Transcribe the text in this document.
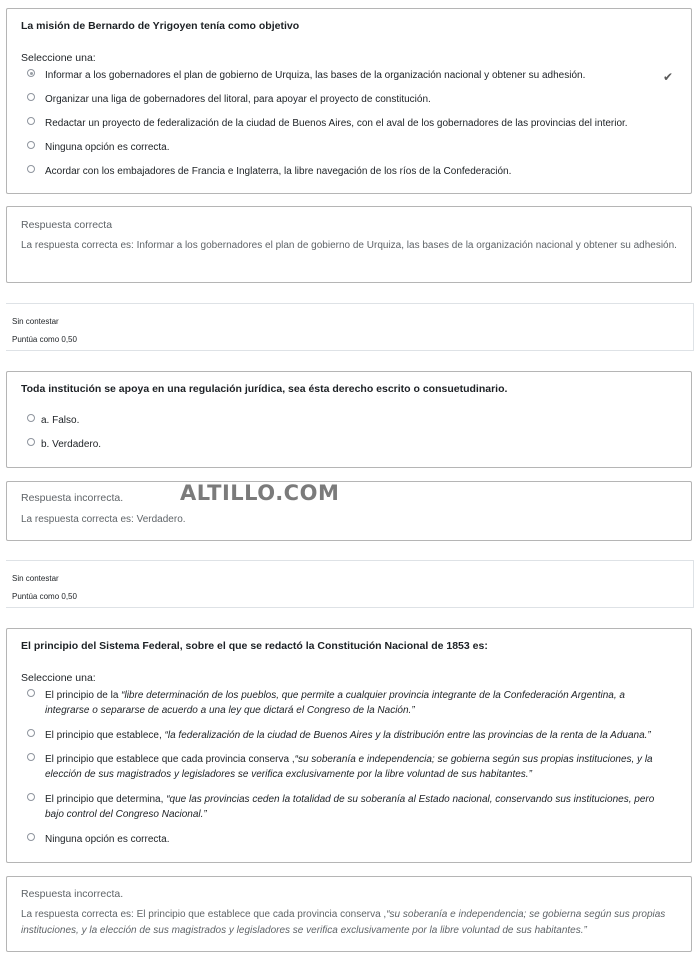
La misión de Bernardo de Yrigoyen tenía como objetivo
Seleccione una:
Informar a los gobernadores el plan de gobierno de Urquiza, las bases de la organización nacional y obtener su adhesión.	✔
Organizar una liga de gobernadores del litoral, para apoyar el proyecto de constitución.
Redactar un proyecto de federalización de la ciudad de Buenos Aires, con el aval de los gobernadores de las provincias del interior.
Ninguna opción es correcta.
Acordar con los embajadores de Francia e Inglaterra, la libre navegación de los ríos de la Confederación.
Respuesta correcta
La respuesta correcta es: Informar a los gobernadores el plan de gobierno de Urquiza, las bases de la organización nacional y obtener su adhesión.
Sin contestar
Puntúa como 0,50
Toda institución se apoya en una regulación jurídica, sea ésta derecho escrito o consuetudinario.
a. Falso.
b. Verdadero.
Respuesta incorrecta.
La respuesta correcta es: Verdadero.
ALTILLO.COM
Sin contestar
Puntúa como 0,50
El principio del Sistema Federal, sobre el que se redactó la Constitución Nacional de 1853 es:
Seleccione una:
El principio de la “libre determinación de los pueblos, que permite a cualquier provincia integrante de la Confederación Argentina, a integrarse o separarse de acuerdo a una ley que dictará el Congreso de la Nación.”
El principio que establece, “la federalización de la ciudad de Buenos Aires y la distribución entre las provincias de la renta de la Aduana.”
El principio que establece que cada provincia conserva ,“su soberanía e independencia; se gobierna según sus propias instituciones, y la elección de sus magistrados y legisladores se verifica exclusivamente por la libre voluntad de sus habitantes.”
El principio que determina, “que las provincias ceden la totalidad de su soberanía al Estado nacional, conservando sus instituciones, pero bajo control del Congreso Nacional.”
Ninguna opción es correcta.
Respuesta incorrecta.
La respuesta correcta es: El principio que establece que cada provincia conserva ,“su soberanía e independencia; se gobierna según sus propias instituciones, y la elección de sus magistrados y legisladores se verifica exclusivamente por la libre voluntad de sus habitantes.”
